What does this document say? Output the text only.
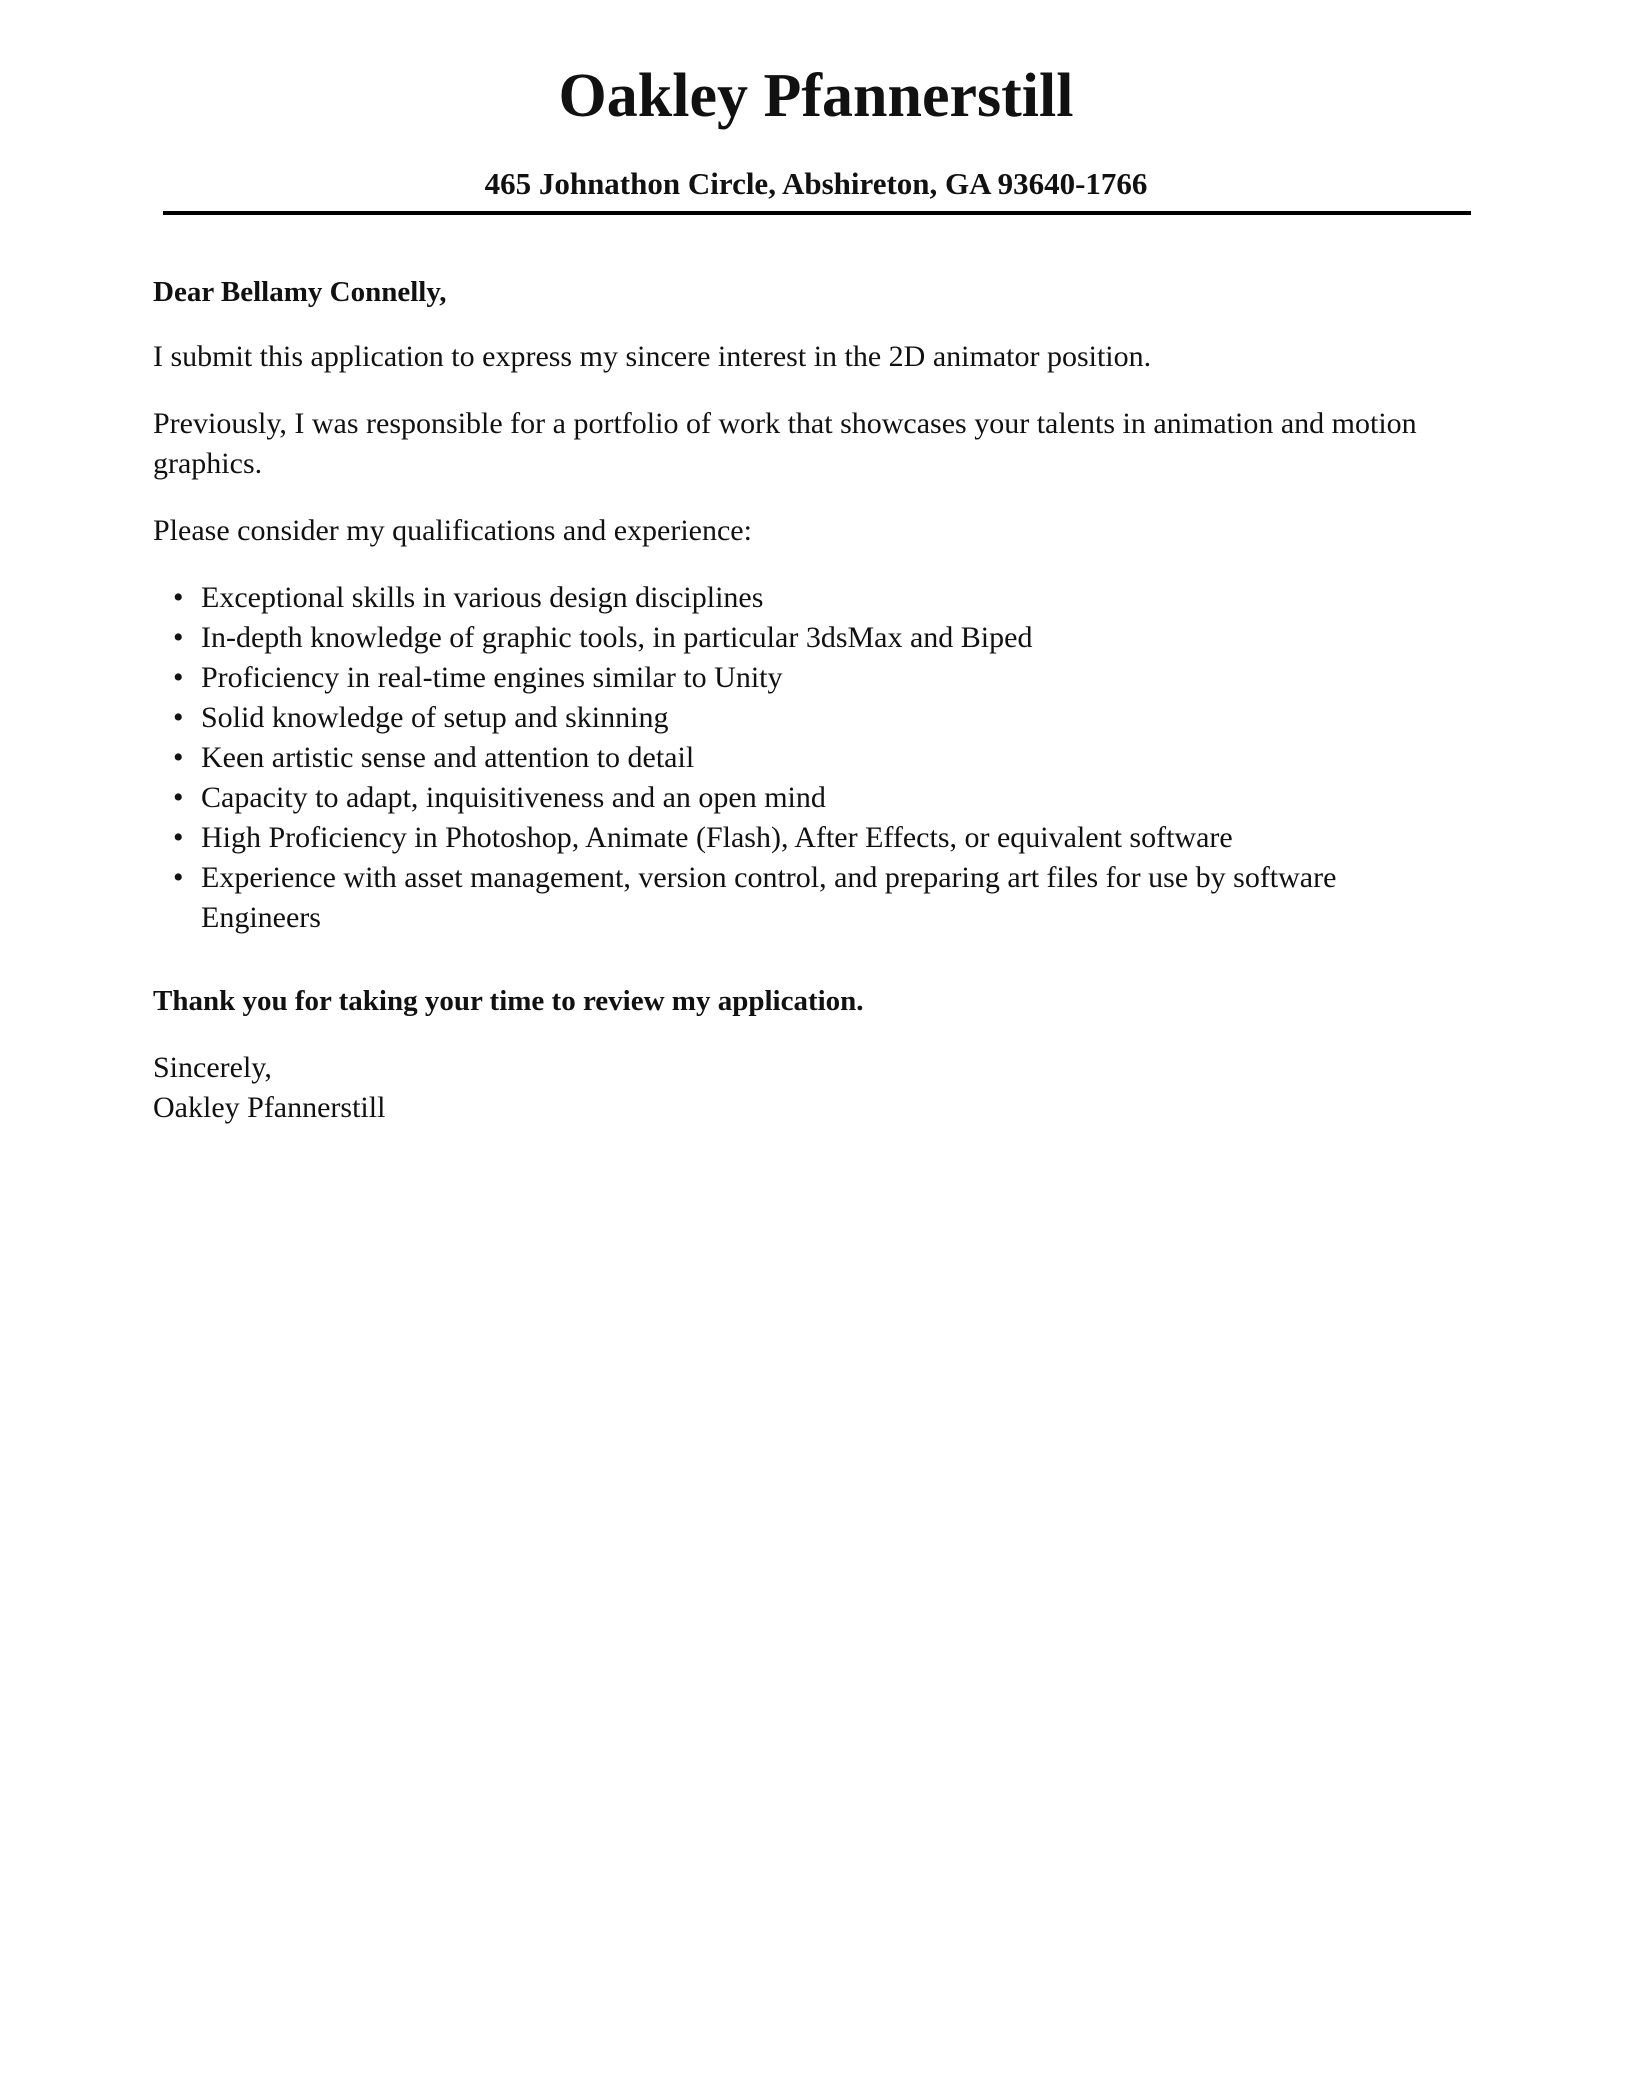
Oakley Pfannerstill
465 Johnathon Circle, Abshireton, GA 93640-1766

Dear Bellamy Connelly,

I submit this application to express my sincere interest in the 2D animator position.

Previously, I was responsible for a portfolio of work that showcases your talents in animation and motion graphics.

Please consider my qualifications and experience:

• Exceptional skills in various design disciplines
• In-depth knowledge of graphic tools, in particular 3dsMax and Biped
• Proficiency in real-time engines similar to Unity
• Solid knowledge of setup and skinning
• Keen artistic sense and attention to detail
• Capacity to adapt, inquisitiveness and an open mind
• High Proficiency in Photoshop, Animate (Flash), After Effects, or equivalent software
• Experience with asset management, version control, and preparing art files for use by software Engineers

Thank you for taking your time to review my application.

Sincerely,

Oakley Pfannerstill
